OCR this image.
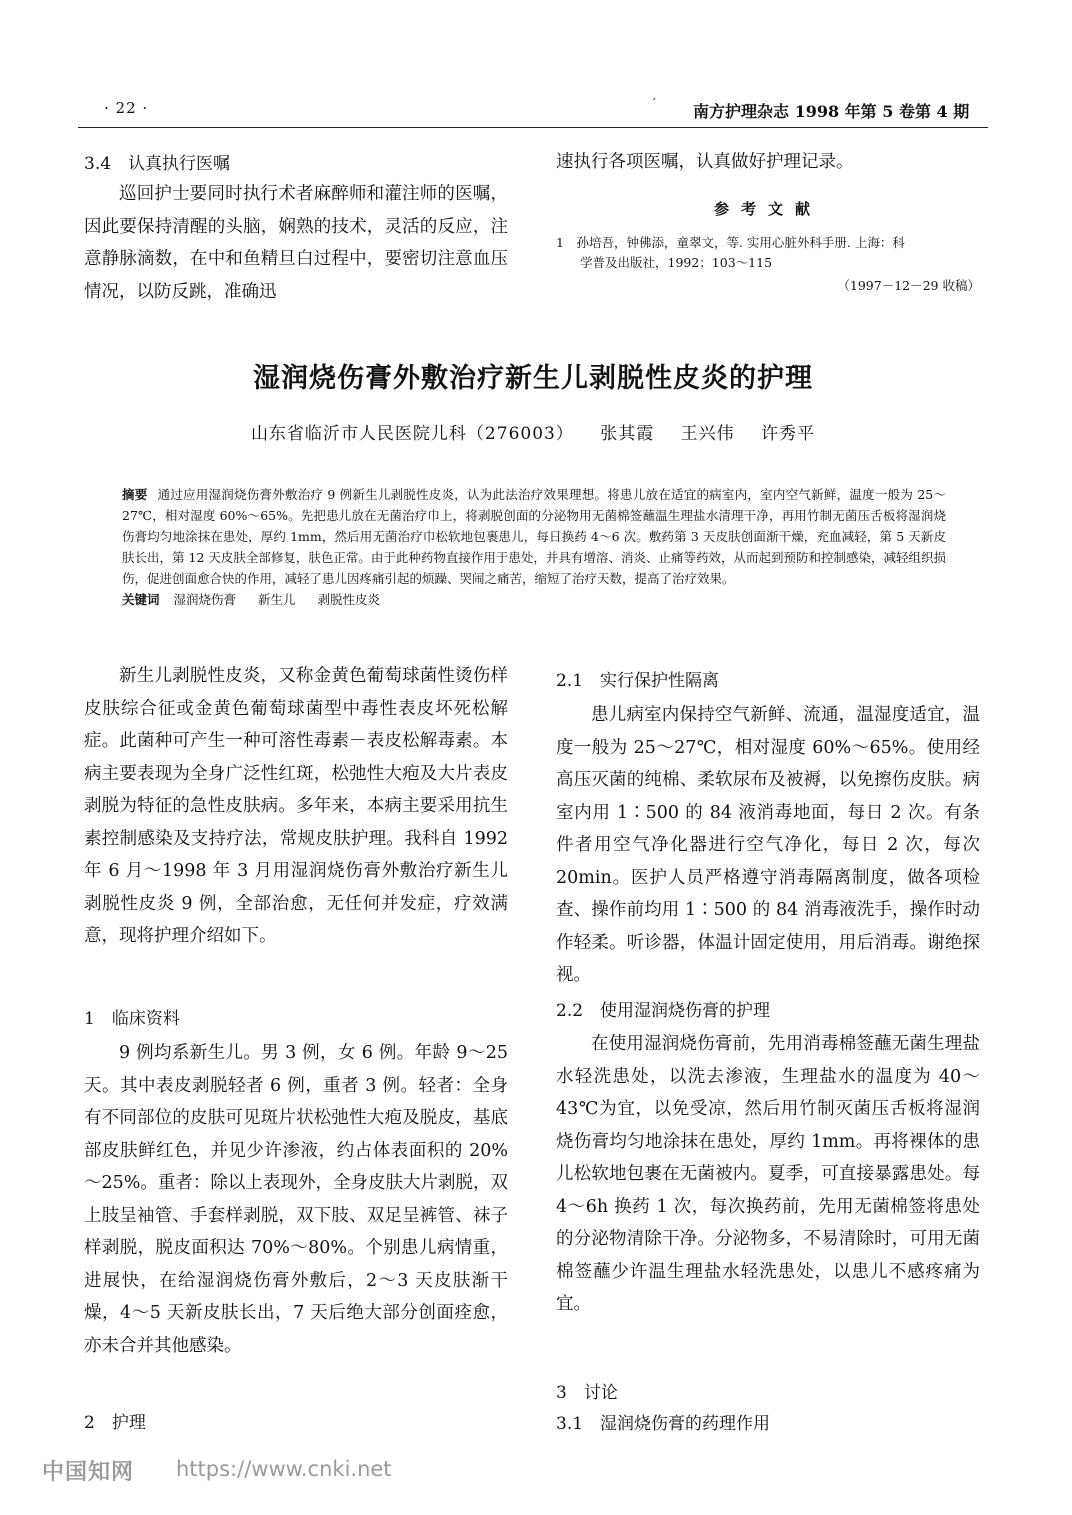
· 22 ·	′ 南方护理杂志 1998 年第 5 卷第 4 期
3.4　认真执行医嘱

巡回护士要同时执行术者麻醉师和灌注师的医嘱，因此要保持清醒的头脑，娴熟的技术，灵活的反应，注意静脉滴数，在中和鱼精旦白过程中，要密切注意血压情况，以防反跳，准确迅

速执行各项医嘱，认真做好护理记录。

参考文献
1　孙培吾，钟佛添，童翠文，等. 实用心脏外科手册. 上海：科
学普及出版社，1992；103～115
（1997－12－29 收稿）
湿润烧伤膏外敷治疗新生儿剥脱性皮炎的护理
山东省临沂市人民医院儿科（276003） 张其霞 王兴伟 许秀平
摘要 通过应用湿润烧伤膏外敷治疗 9 例新生儿剥脱性皮炎，认为此法治疗效果理想。将患儿放在适宜的病室内，室内空气新鲜，温度一般为 25～27℃，相对湿度 60%～65%。先把患儿放在无菌治疗巾上，将剥脱创面的分泌物用无菌棉签蘸温生理盐水清理干净，再用竹制无菌压舌板将湿润烧伤膏均匀地涂抹在患处，厚约 1mm，然后用无菌治疗巾松软地包裹患儿，每日换药 4～6 次。敷药第 3 天皮肤创面渐干燥，充血减轻，第 5 天新皮肤长出，第 12 天皮肤全部修复，肤色正常。由于此种药物直接作用于患处，并具有增溶、消炎、止痛等药效，从而起到预防和控制感染，减轻组织损伤，促进创面愈合快的作用，减轻了患儿因疼痛引起的烦躁、哭闹之痛苦，缩短了治疗天数，提高了治疗效果。
关键词 湿润烧伤膏 新生儿 剥脱性皮炎

新生儿剥脱性皮炎，又称金黄色葡萄球菌性烫伤样皮肤综合征或金黄色葡萄球菌型中毒性表皮坏死松解症。此菌种可产生一种可溶性毒素－表皮松解毒素。本病主要表现为全身广泛性红斑，松弛性大疱及大片表皮剥脱为特征的急性皮肤病。多年来，本病主要采用抗生素控制感染及支持疗法，常规皮肤护理。我科自 1992 年 6 月～1998 年 3 月用湿润烧伤膏外敷治疗新生儿剥脱性皮炎 9 例，全部治愈，无任何并发症，疗效满意，现将护理介绍如下。

1　临床资料

9 例均系新生儿。男 3 例，女 6 例。年龄 9～25 天。其中表皮剥脱轻者 6 例，重者 3 例。轻者：全身有不同部位的皮肤可见斑片状松弛性大疱及脱皮，基底部皮肤鲜红色，并见少许渗液，约占体表面积的 20%～25%。重者：除以上表现外，全身皮肤大片剥脱，双上肢呈袖管、手套样剥脱，双下肢、双足呈裤管、袜子样剥脱，脱皮面积达 70%～80%。个别患儿病情重，进展快，在给湿润烧伤膏外敷后，2～3 天皮肤渐干燥，4～5 天新皮肤长出，7 天后绝大部分创面痊愈，亦未合并其他感染。

2　护理
2.1　实行保护性隔离

患儿病室内保持空气新鲜、流通，温湿度适宜，温度一般为 25～27℃，相对湿度 60%～65%。使用经高压灭菌的纯棉、柔软尿布及被褥，以免擦伤皮肤。病室内用 1∶500 的 84 液消毒地面，每日 2 次。有条件者用空气净化器进行空气净化，每日 2 次，每次 20min。医护人员严格遵守消毒隔离制度，做各项检查、操作前均用 1∶500 的 84 消毒液洗手，操作时动作轻柔。听诊器，体温计固定使用，用后消毒。谢绝探视。

2.2　使用湿润烧伤膏的护理

在使用湿润烧伤膏前，先用消毒棉签蘸无菌生理盐水轻洗患处，以洗去渗液，生理盐水的温度为 40～43℃为宜，以免受凉，然后用竹制灭菌压舌板将湿润烧伤膏均匀地涂抹在患处，厚约 1mm。再将裸体的患儿松软地包裹在无菌被内。夏季，可直接暴露患处。每 4～6h 换药 1 次，每次换药前，先用无菌棉签将患处的分泌物清除干净。分泌物多，不易清除时，可用无菌棉签蘸少许温生理盐水轻洗患处，以患儿不感疼痛为宜。

3　讨论
3.1　湿润烧伤膏的药理作用
中国知网 https://www.cnki.net
